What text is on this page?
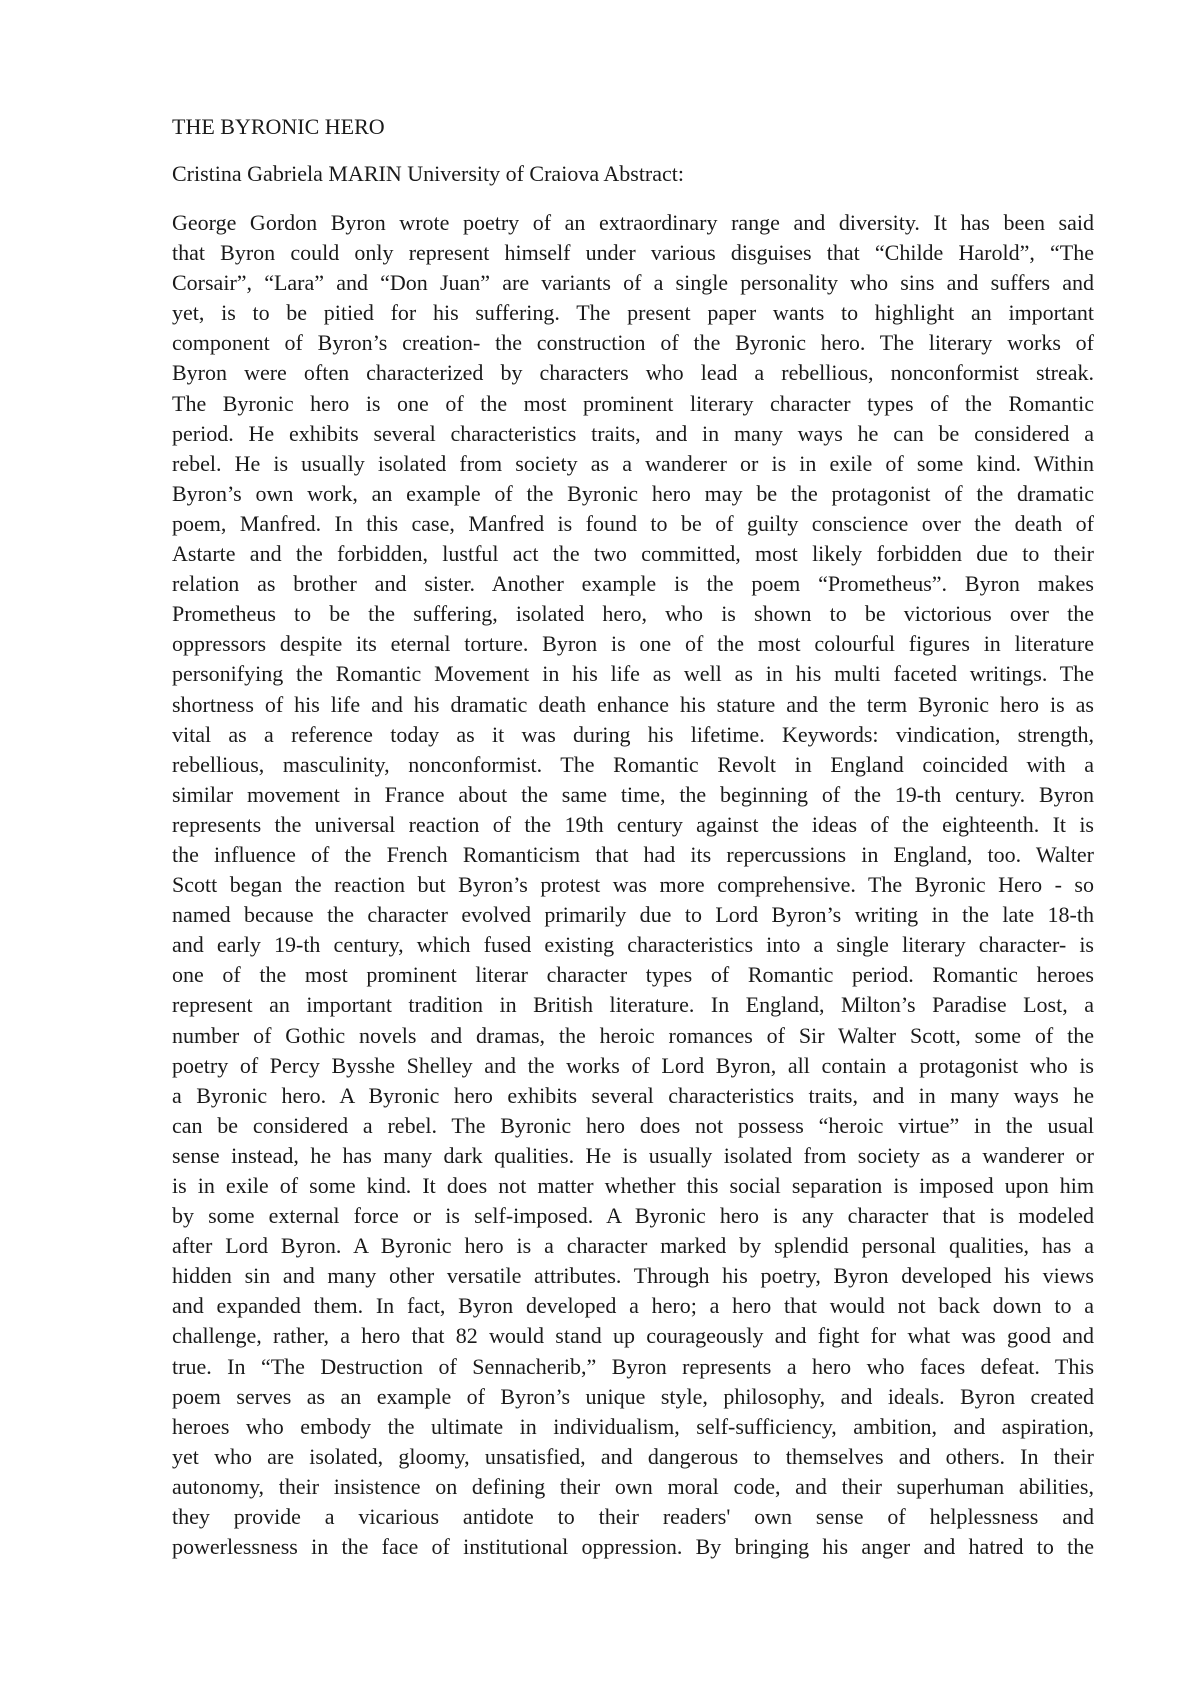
THE BYRONIC HERO

Cristina Gabriela MARIN University of Craiova Abstract:

George Gordon Byron wrote poetry of an extraordinary range and diversity. It has been said
that Byron could only represent himself under various disguises that “Childe Harold”, “The
Corsair”, “Lara” and “Don Juan” are variants of a single personality who sins and suffers and
yet, is to be pitied for his suffering. The present paper wants to highlight an important
component of Byron’s creation- the construction of the Byronic hero. The literary works of
Byron were often characterized by characters who lead a rebellious, nonconformist streak.
The Byronic hero is one of the most prominent literary character types of the Romantic
period. He exhibits several characteristics traits, and in many ways he can be considered a
rebel. He is usually isolated from society as a wanderer or is in exile of some kind. Within
Byron’s own work, an example of the Byronic hero may be the protagonist of the dramatic
poem, Manfred. In this case, Manfred is found to be of guilty conscience over the death of
Astarte and the forbidden, lustful act the two committed, most likely forbidden due to their
relation as brother and sister. Another example is the poem “Prometheus”. Byron makes
Prometheus to be the suffering, isolated hero, who is shown to be victorious over the
oppressors despite its eternal torture. Byron is one of the most colourful figures in literature
personifying the Romantic Movement in his life as well as in his multi faceted writings. The
shortness of his life and his dramatic death enhance his stature and the term Byronic hero is as
vital as a reference today as it was during his lifetime. Keywords: vindication, strength,
rebellious, masculinity, nonconformist. The Romantic Revolt in England coincided with a
similar movement in France about the same time, the beginning of the 19-th century. Byron
represents the universal reaction of the 19th century against the ideas of the eighteenth. It is
the influence of the French Romanticism that had its repercussions in England, too. Walter
Scott began the reaction but Byron’s protest was more comprehensive. The Byronic Hero - so
named because the character evolved primarily due to Lord Byron’s writing in the late 18-th
and early 19-th century, which fused existing characteristics into a single literary character- is
one of the most prominent literar character types of Romantic period. Romantic heroes
represent an important tradition in British literature. In England, Milton’s Paradise Lost, a
number of Gothic novels and dramas, the heroic romances of Sir Walter Scott, some of the
poetry of Percy Bysshe Shelley and the works of Lord Byron, all contain a protagonist who is
a Byronic hero. A Byronic hero exhibits several characteristics traits, and in many ways he
can be considered a rebel. The Byronic hero does not possess “heroic virtue” in the usual
sense instead, he has many dark qualities. He is usually isolated from society as a wanderer or
is in exile of some kind. It does not matter whether this social separation is imposed upon him
by some external force or is self-imposed. A Byronic hero is any character that is modeled
after Lord Byron. A Byronic hero is a character marked by splendid personal qualities, has a
hidden sin and many other versatile attributes. Through his poetry, Byron developed his views
and expanded them. In fact, Byron developed a hero; a hero that would not back down to a
challenge, rather, a hero that 82 would stand up courageously and fight for what was good and
true. In “The Destruction of Sennacherib,” Byron represents a hero who faces defeat. This
poem serves as an example of Byron’s unique style, philosophy, and ideals. Byron created
heroes who embody the ultimate in individualism, self-sufficiency, ambition, and aspiration,
yet who are isolated, gloomy, unsatisfied, and dangerous to themselves and others. In their
autonomy, their insistence on defining their own moral code, and their superhuman abilities,
they provide a vicarious antidote to their readers' own sense of helplessness and
powerlessness in the face of institutional oppression. By bringing his anger and hatred to the
